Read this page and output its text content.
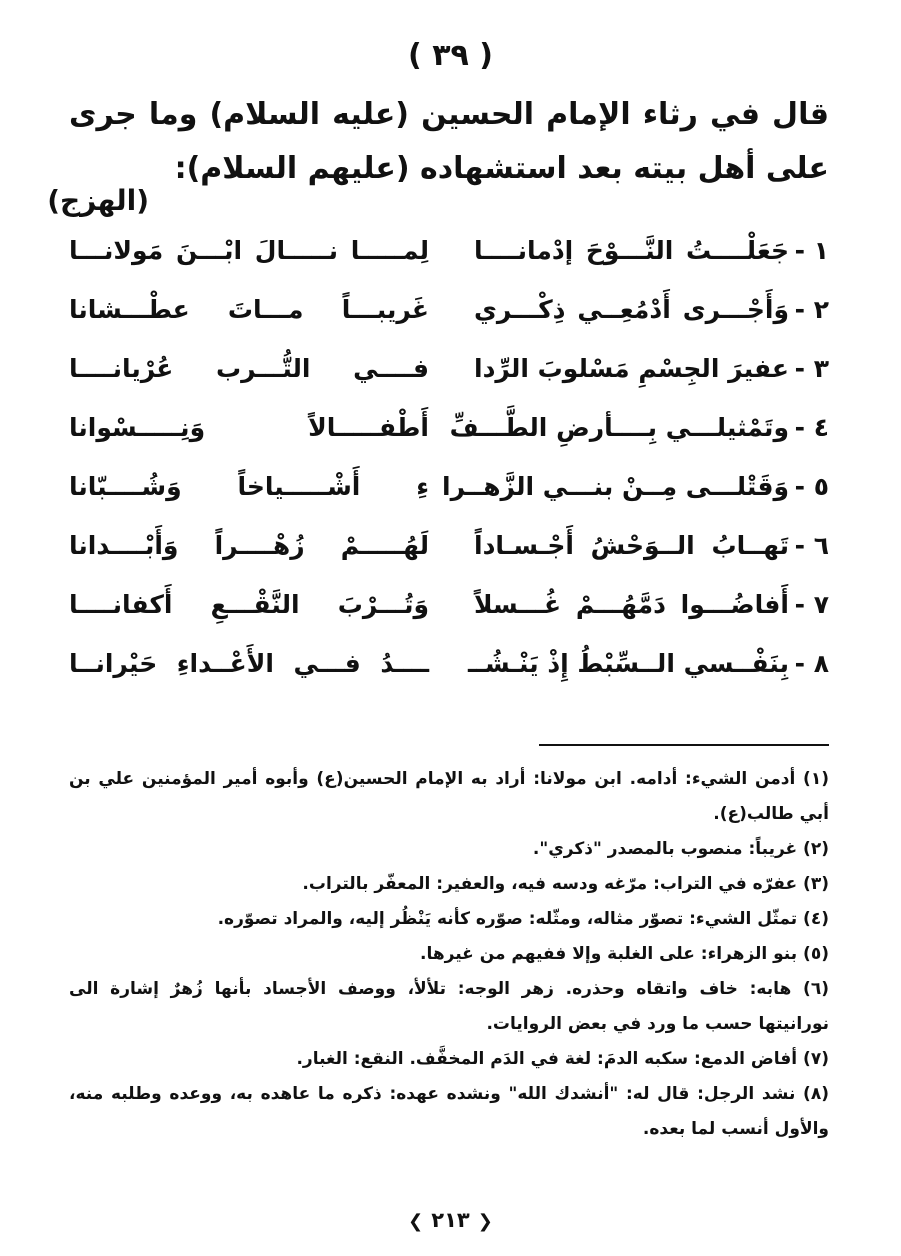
( ٣٩ )
قال في رثاء الإمام الحسين (عليه السلام) وما جرى على أهل بيته بعد استشهاده (عليهم السلام):
(الهزج)
١ -
جَعَلْــــتُ النَّـــوْحَ إدْمانــــا
لِمـــــا نـــــالَ ابْـــنَ مَولانـــا
٢ -
وَأَجْـــرى أَدْمُعِــي ذِكْـــري
غَريبـــاً مـــاتَ عطْـــشانا
٣ -
عفيرَ الجِسْمِ مَسْلوبَ الرِّدا
فــــي التُّـــرب عُرْيانــــا
٤ -
وتَمْثيلـــي بِــــأرضِ الطَّـــفِّ
أَطْفـــــالاً وَنِـــــسْوانا
٥ -
وَقَتْلـــى مِــنْ بنـــي الزَّهــرا
ءِ أَشْـــــياخاً وَشُــــبّانا
٦ -
تَهــابُ الــوَحْشُ أَجْـسـاداً
لَهُـــــمْ زُهْــــراً وَأَبْــــدانا
٧ -
أَفاضُـــوا دَمَّهُـــمْ غُـــسلاً
وَتُـــرْبَ النَّقْـــعِ أَكفانــــا
٨ -
بِنَفْــسي الــسِّبْطُ إِذْ يَنْـشُــ
ــــدُ فـــي الأَعْــداءِ حَيْرانــا
(١) أدمن الشيء: أدامه. ابن مولانا: أراد به الإمام الحسين(ع) وأبوه أمير المؤمنين علي بن أبي طالب(ع).
(٢) غريباً: منصوب بالمصدر "ذكري".
(٣) عفرّه في التراب: مرّغه ودسه فيه، والعفير: المعفّر بالتراب.
(٤) تمثّل الشيء: تصوّر مثاله، ومثّله: صوّره كأنه يَنْظُر إليه، والمراد تصوّره.
(٥) بنو الزهراء: على الغلبة وإلا ففيهم من غيرها.
(٦) هابه: خاف واتقاه وحذره. زهر الوجه: تلألأ، ووصف الأجساد بأنها زُهرٌ إشارة الى نورانيتها حسب ما ورد في بعض الروايات.
(٧) أفاض الدمع: سكبه الدمَ: لغة في الدَم المخفَّف. النقع: الغبار.
(٨) نشد الرجل: قال له: "أنشدك الله" ونشده عهده: ذكره ما عاهده به، ووعده وطلبه منه، والأول أنسب لما بعده.
❮٢١٣❯
